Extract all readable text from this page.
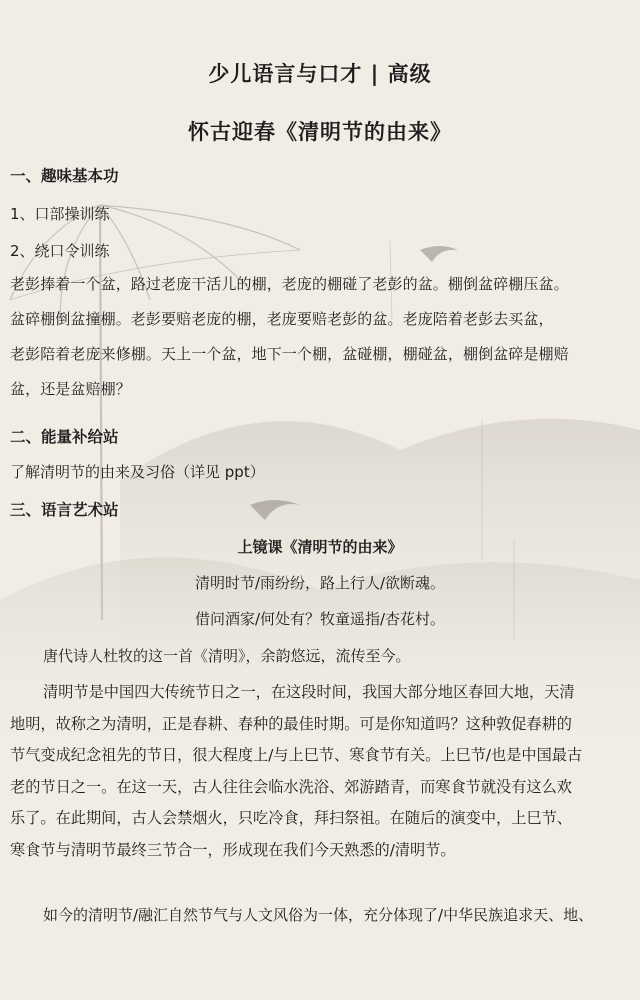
少儿语言与口才 | 高级
怀古迎春《清明节的由来》
一、趣味基本功
1、口部操训练
2、绕口令训练
老彭捧着一个盆，路过老庞干活儿的棚，老庞的棚碰了老彭的盆。棚倒盆碎棚压盆。
盆碎棚倒盆撞棚。老彭要赔老庞的棚，老庞要赔老彭的盆。老庞陪着老彭去买盆，
老彭陪着老庞来修棚。天上一个盆，地下一个棚，盆碰棚，棚碰盆，棚倒盆碎是棚赔
盆，还是盆赔棚？
二、能量补给站
了解清明节的由来及习俗（详见 ppt）
三、语言艺术站
上镜课《清明节的由来》
清明时节/雨纷纷，路上行人/欲断魂。
借问酒家/何处有？牧童遥指/杏花村。
唐代诗人杜牧的这一首《清明》，余韵悠远，流传至今。
清明节是中国四大传统节日之一，在这段时间，我国大部分地区春回大地，天清
地明，故称之为清明，正是春耕、春种的最佳时期。可是你知道吗？这种敦促春耕的
节气变成纪念祖先的节日，很大程度上/与上巳节、寒食节有关。上巳节/也是中国最古
老的节日之一。在这一天，古人往往会临水洗浴、郊游踏青，而寒食节就没有这么欢
乐了。在此期间，古人会禁烟火，只吃冷食，拜扫祭祖。在随后的演变中，上巳节、
寒食节与清明节最终三节合一，形成现在我们今天熟悉的/清明节。
如今的清明节/融汇自然节气与人文风俗为一体，充分体现了/中华民族追求天、地、
